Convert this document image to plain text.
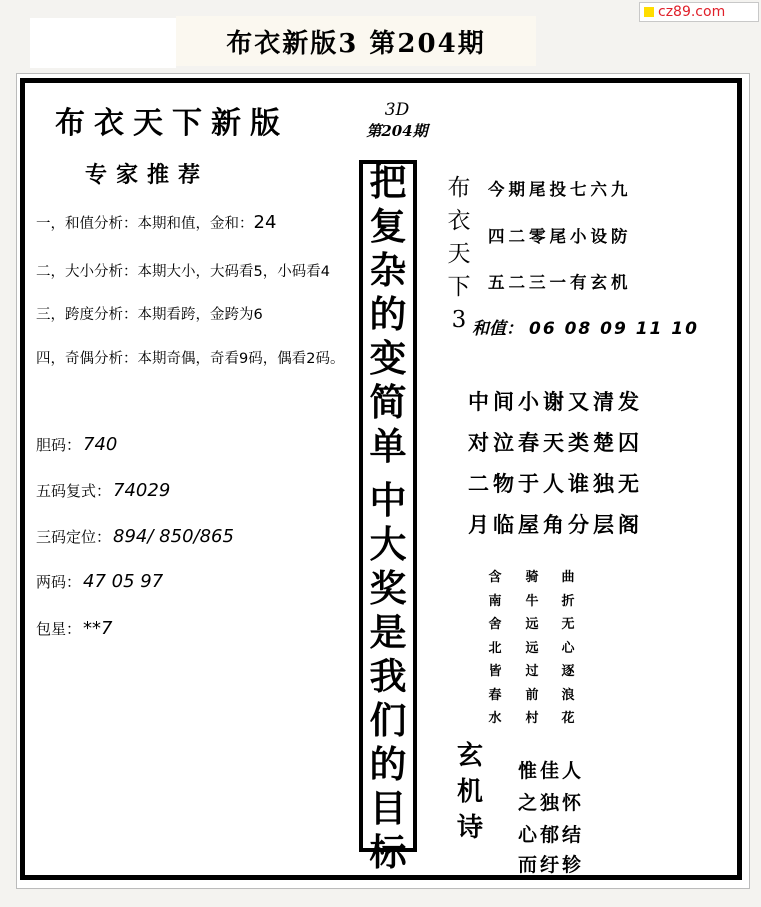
cz89.com
布衣新版3 第204期
布衣天下新版
专家推荐
一，和值分析：本期和值，金和：24
二，大小分析：本期大小，大码看5，小码看4
三，跨度分析：本期看跨，金跨为6
四，奇偶分析：本期奇偶，奇看9码，偶看2码。
胆码： 740
五码复式： 74029
三码定位： 894/ 850/865
两码： 47 05 97
包星： **7
3D
第204期
把
复
杂
的
变
简
单
中
大
奖
是
我
们
的
目
标
布
衣
天
下
3
今期尾投七六九
四二零尾小设防
五二三一有玄机
和值： 06 08 09 11 10
中间小谢又清发
对泣春天类楚囚
二物于人谁独无
月临屋角分层阁
含
南
舍
北
皆
春
水
骑
牛
远
远
过
前
村
曲
折
无
心
逐
浪
花
玄
机
诗
惟佳人
之独怀
心郁结
而纡轸
